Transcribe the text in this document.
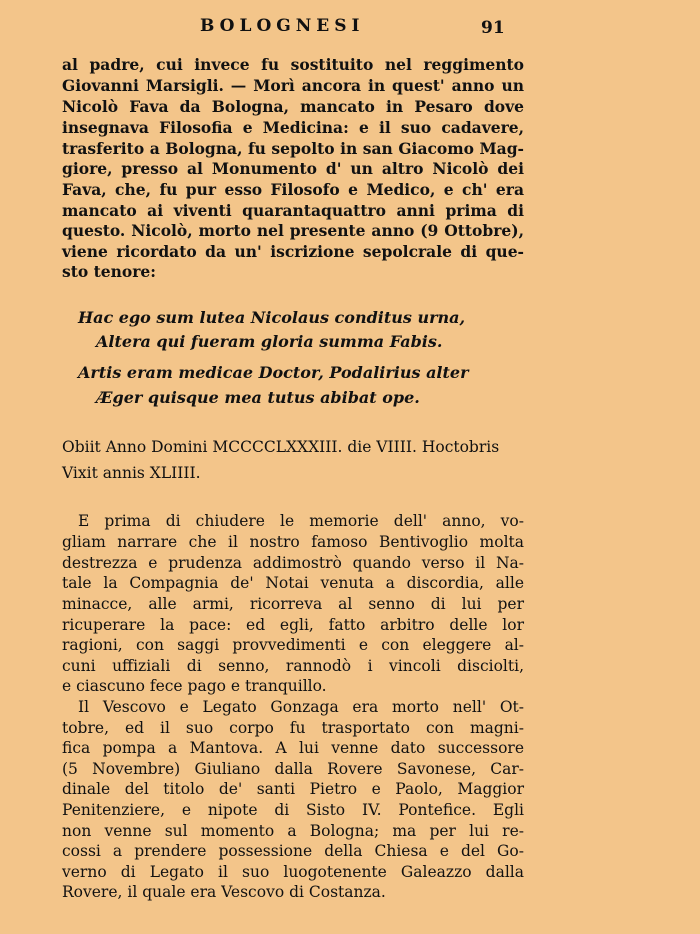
BOLOGNESI	91
al padre, cui invece fu sostituito nel reggimento
Giovanni Marsigli. — Morì ancora in quest' anno un
Nicolò Fava da Bologna, mancato in Pesaro dove
insegnava Filosofia e Medicina: e il suo cadavere,
trasferito a Bologna, fu sepolto in san Giacomo Mag-
giore, presso al Monumento d' un altro Nicolò dei
Fava, che, fu pur esso Filosofo e Medico, e ch' era
mancato ai viventi quarantaquattro anni prima di
questo. Nicolò, morto nel presente anno (9 Ottobre),
viene ricordato da un' iscrizione sepolcrale di que-
sto tenore:
Hac ego sum lutea Nicolaus conditus urna,
Altera qui fueram gloria summa Fabis.
Artis eram medicae Doctor, Podalirius alter
Æger quisque mea tutus abibat ope.
Obiit Anno Domini MCCCCLXXXIII. die VIIII. Hoctobris
Vixit annis XLIIII.
E prima di chiudere le memorie dell' anno, vo-
gliam narrare che il nostro famoso Bentivoglio molta
destrezza e prudenza addimostrò quando verso il Na-
tale la Compagnia de' Notai venuta a discordia, alle
minacce, alle armi, ricorreva al senno di lui per
ricuperare la pace: ed egli, fatto arbitro delle lor
ragioni, con saggi provvedimenti e con eleggere al-
cuni uffiziali di senno, rannodò i vincoli disciolti,
e ciascuno fece pago e tranquillo.
Il Vescovo e Legato Gonzaga era morto nell' Ot-
tobre, ed il suo corpo fu trasportato con magni-
fica pompa a Mantova. A lui venne dato successore
(5 Novembre) Giuliano dalla Rovere Savonese, Car-
dinale del titolo de' santi Pietro e Paolo, Maggior
Penitenziere, e nipote di Sisto IV. Pontefice. Egli
non venne sul momento a Bologna; ma per lui re-
cossi a prendere possessione della Chiesa e del Go-
verno di Legato il suo luogotenente Galeazzo dalla
Rovere, il quale era Vescovo di Costanza.
